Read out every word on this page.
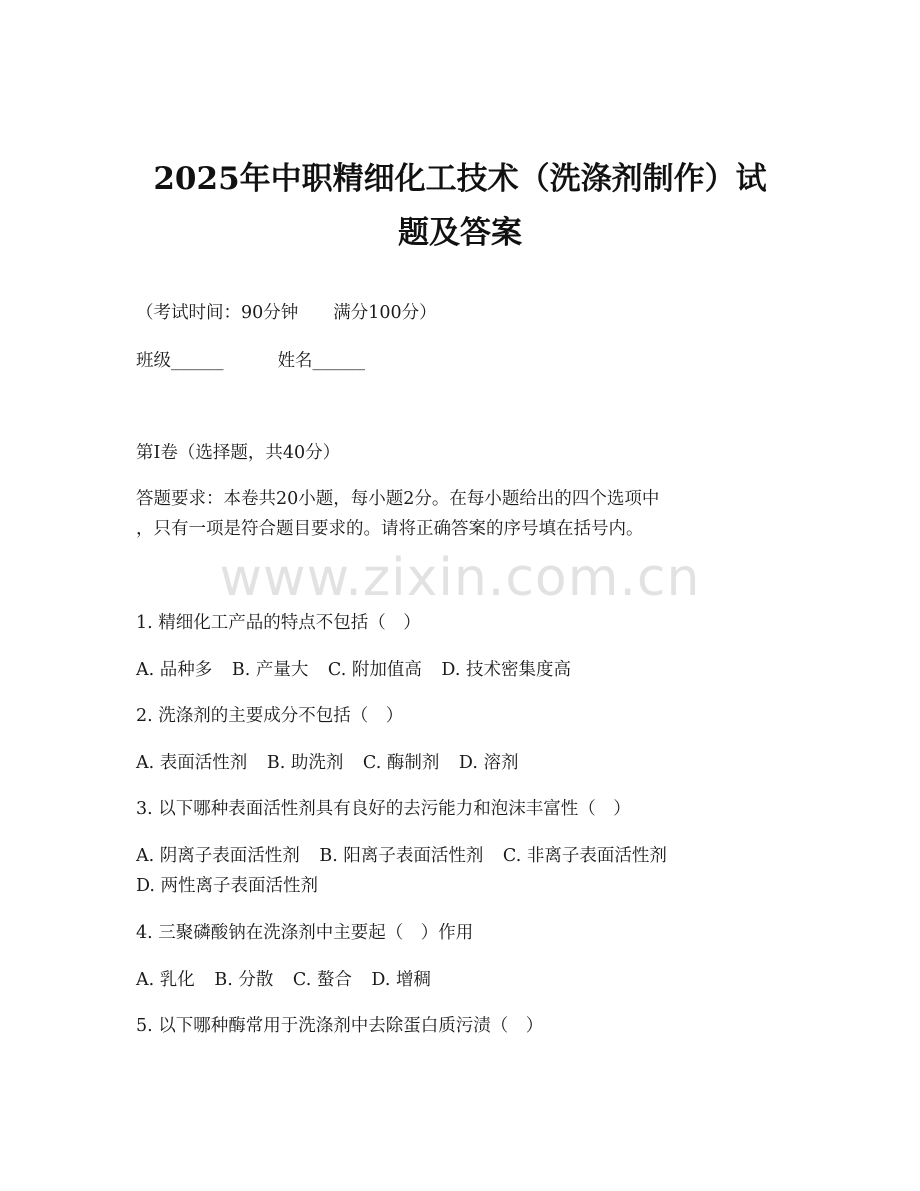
2025年中职精细化工技术（洗涤剂制作）试
题及答案

（考试时间：90分钟　　满分100分）

班级______	姓名______

第I卷（选择题，共40分）

答题要求：本卷共20小题，每小题2分。在每小题给出的四个选项中

，只有一项是符合题目要求的。请将正确答案的序号填在括号内。

www.zixin.com.cn

1. 精细化工产品的特点不包括（　）

A. 品种多 B. 产量大 C. 附加值高 D. 技术密集度高

2. 洗涤剂的主要成分不包括（　）

A. 表面活性剂 B. 助洗剂 C. 酶制剂 D. 溶剂

3. 以下哪种表面活性剂具有良好的去污能力和泡沫丰富性（　）

A. 阴离子表面活性剂 B. 阳离子表面活性剂 C. 非离子表面活性剂 D. 两性离子表面活性剂

4. 三聚磷酸钠在洗涤剂中主要起（　）作用

A. 乳化 B. 分散 C. 螯合 D. 增稠

5. 以下哪种酶常用于洗涤剂中去除蛋白质污渍（　）
